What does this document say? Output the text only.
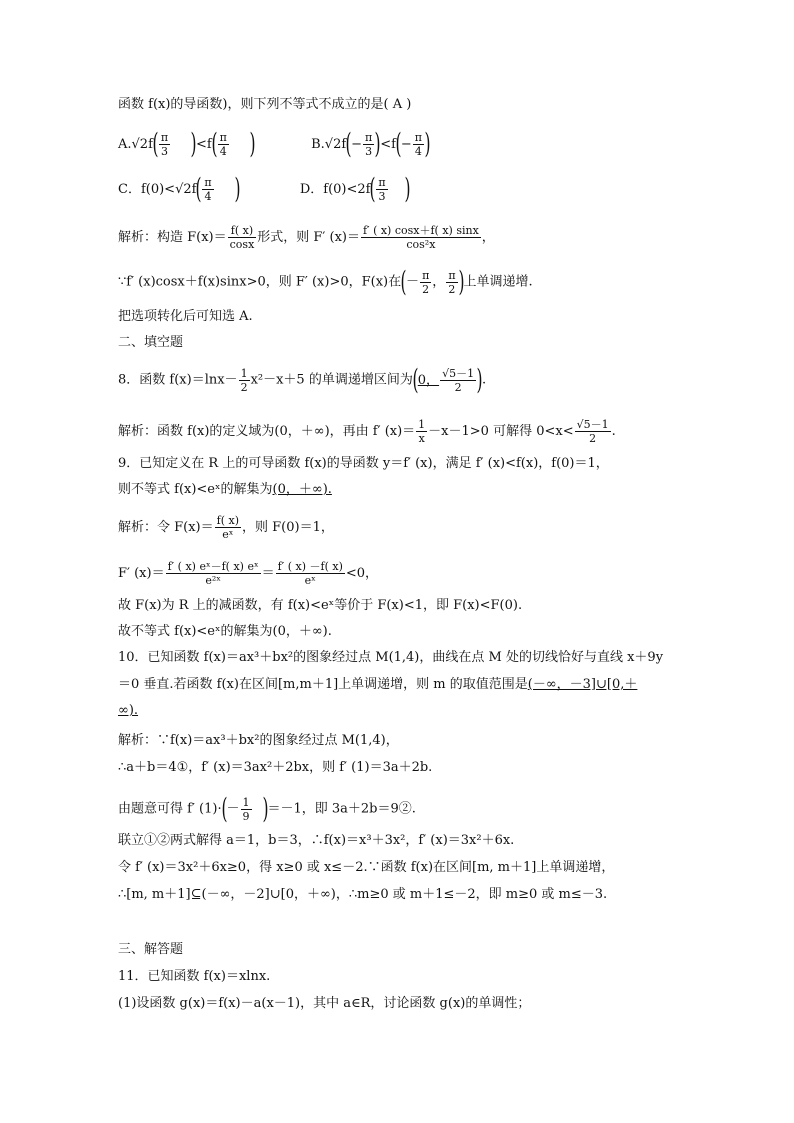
函数 f(x)的导函数)，则下列不等式不成立的是( A )
$A.√2f( \frac{\pi}{3} )<f( \frac{\pi}{4}$ )	$B.√2f(- \frac{\pi}{3} )<f(- \frac{\pi}{4}$ )
C．$f(0)<√2f( \frac{\pi}{4}$ )	D．$f(0)<2f( \frac{\pi}{3}$ )
解析：构造 $F(x)= \frac{f( x)}{\cos x}$ 形式，则 F′ $(x)= \frac{f' ( x) \cos x+f( x) \sin x}{\text{cos²x}}$ ，
∵f′ (x)cosx＋f(x)sinx>0，则 F′ (x)>0，F(x)在(－ $\frac{\pi}{2}$ ， $\frac{\pi}{2}$ )上单调递增.
把选项转化后可知选 A.
二、填空题
8．函数 $f(x)=\ln x- \frac{1}{2} x^2-x+5$ 的单调递增区间为(0， $\frac{√5-1}{2}$ ).
解析：函数 f(x)的定义域为(0，＋∞)，再由 f′ $(x)= \frac{1}{x} -x-1>0$ 可解得 $0<x< \frac{√5-1}{2}$ .
9．已知定义在 R 上的可导函数 f(x)的导函数 y＝f′ (x)，满足 f′ (x)<f(x)，f(0)＝1，
则不等式 f(x)<eˣ的解集为(0，＋∞).
解析：令 $F(x)= \frac{f( x)}{\text{eˣ}}$ ，则 F(0)＝1，
F′ $(x)= \frac{\text{f′ ( x) eˣ－f( x) eˣ}}{\text{e²ˣ}} = \frac{f' ( x) -f( x)}{\text{eˣ}} <0$，
故 F(x)为 R 上的减函数，有 f(x)<eˣ等价于 F(x)<1，即 F(x)<F(0).
故不等式 f(x)<eˣ的解集为(0，＋∞).
10．已知函数 f(x)＝ax³＋bx²的图象经过点 M(1,4)，曲线在点 M 处的切线恰好与直线 x＋9y
＝0 垂直.若函数 f(x)在区间[m,m＋1]上单调递增，则 m 的取值范围是(－∞，－3]∪[0,＋
∞).
解析：∵f(x)＝ax³＋bx²的图象经过点 M(1,4)，
∴a＋b＝4①，f′ (x)＝3ax²＋2bx，则 f′ (1)＝3a＋2b.
由题意可得 f′ $(1)\cdot(- \frac{1}{9} )=-1$，即 3a＋2b＝9②.
联立①②两式解得 a＝1，b＝3，∴f(x)＝x³＋3x²，f′ (x)＝3x²＋6x.
令 f′ (x)＝3x²＋6x≥0，得 x≥0 或 x≤－2.∵函数 f(x)在区间[m, m＋1]上单调递增，
∴[m, m＋1]⊆(－∞，－2]∪[0，＋∞)，∴m≥0 或 m＋1≤－2，即 m≥0 或 m≤－3.
三、解答题
11．已知函数 f(x)＝xlnx.
(1)设函数 g(x)＝f(x)－a(x－1)，其中 a∈R，讨论函数 g(x)的单调性；
